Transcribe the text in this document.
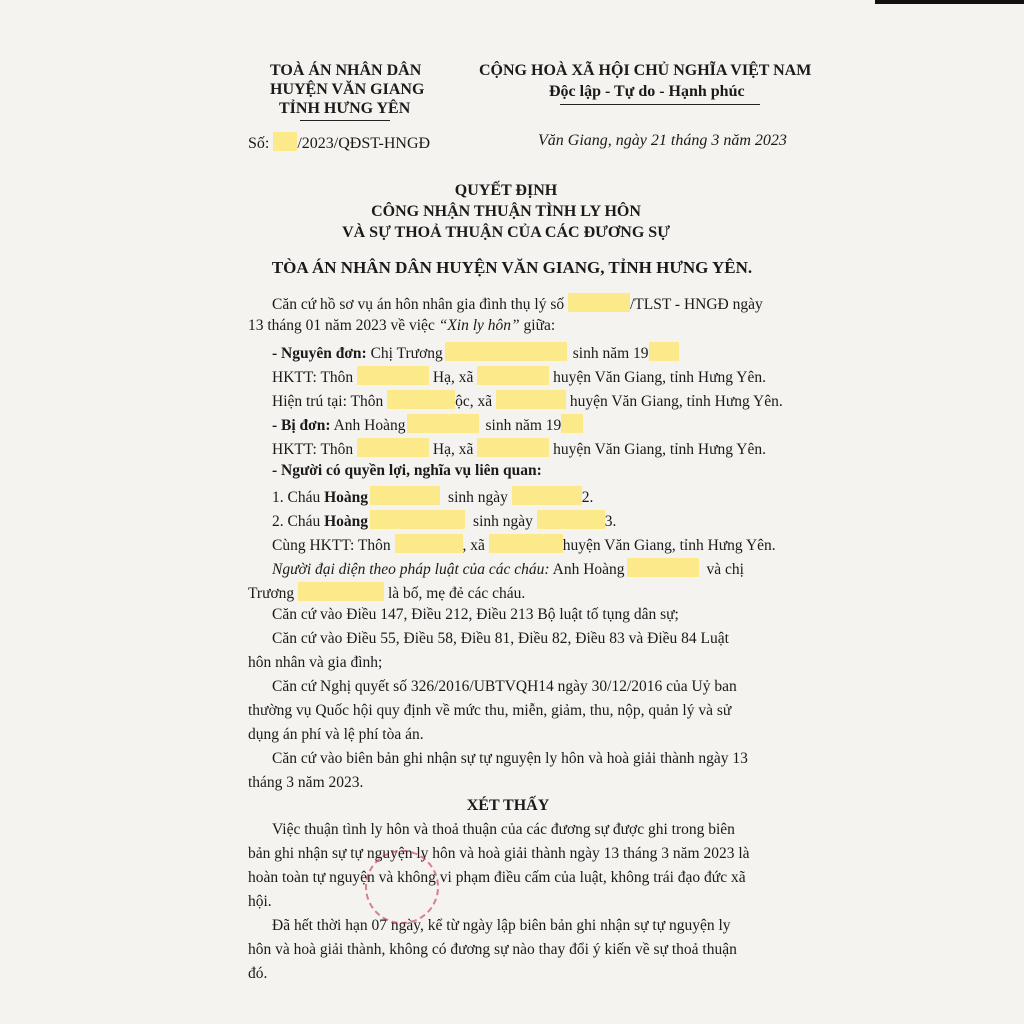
TOÀ ÁN NHÂN DÂN
HUYỆN VĂN GIANG
TỈNH HƯNG YÊN
CỘNG HOÀ XÃ HỘI CHỦ NGHĨA VIỆT NAM
Độc lập - Tự do - Hạnh phúc
Số: /2023/QĐST-HNGĐ	Văn Giang, ngày 21 tháng 3 năm 2023
QUYẾT ĐỊNH
CÔNG NHẬN THUẬN TÌNH LY HÔN
VÀ SỰ THOẢ THUẬN CỦA CÁC ĐƯƠNG SỰ
TÒA ÁN NHÂN DÂN HUYỆN VĂN GIANG, TỈNH HƯNG YÊN.
Căn cứ hồ sơ vụ án hôn nhân gia đình thụ lý số	/TLST - HNGĐ ngày
13 tháng 01 năm 2023 về việc “Xin ly hôn” giữa:
- Nguyên đơn: Chị Trương	sinh năm 19
HKTT: Thôn	Hạ, xã	huyện Văn Giang, tỉnh Hưng Yên.
Hiện trú tại: Thôn	ộc, xã	huyện Văn Giang, tỉnh Hưng Yên.
- Bị đơn: Anh Hoàng	sinh năm 19
HKTT: Thôn	Hạ, xã	huyện Văn Giang, tỉnh Hưng Yên.
- Người có quyền lợi, nghĩa vụ liên quan:
1. Cháu Hoàng	sinh ngày	2.
2. Cháu Hoàng	sinh ngày	3.
Cùng HKTT: Thôn	, xã	huyện Văn Giang, tỉnh Hưng Yên.
Người đại diện theo pháp luật của các cháu: Anh Hoàng	và chị
Trương	là bố, mẹ đẻ các cháu.
Căn cứ vào Điều 147, Điều 212, Điều 213 Bộ luật tố tụng dân sự;
Căn cứ vào Điều 55, Điều 58, Điều 81, Điều 82, Điều 83 và Điều 84 Luật
hôn nhân và gia đình;
Căn cứ Nghị quyết số 326/2016/UBTVQH14 ngày 30/12/2016 của Uỷ ban
thường vụ Quốc hội quy định về mức thu, miễn, giảm, thu, nộp, quản lý và sử
dụng án phí và lệ phí tòa án.
Căn cứ vào biên bản ghi nhận sự tự nguyện ly hôn và hoà giải thành ngày 13
tháng 3 năm 2023.
XÉT THẤY
Việc thuận tình ly hôn và thoả thuận của các đương sự được ghi trong biên
bản ghi nhận sự tự nguyện ly hôn và hoà giải thành ngày 13 tháng 3 năm 2023 là
hoàn toàn tự nguyện và không vi phạm điều cấm của luật, không trái đạo đức xã
hội.
Đã hết thời hạn 07 ngày, kể từ ngày lập biên bản ghi nhận sự tự nguyện ly
hôn và hoà giải thành, không có đương sự nào thay đổi ý kiến về sự thoả thuận
đó.
